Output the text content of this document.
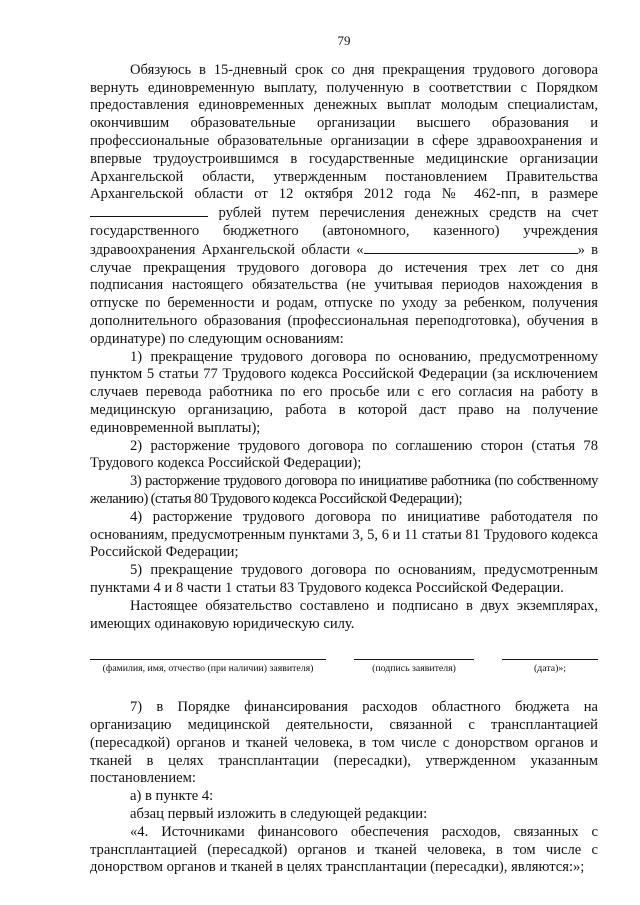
79

Обязуюсь в 15-дневный срок со дня прекращения трудового договора вернуть единовременную выплату, полученную в соответствии с Порядком предоставления единовременных денежных выплат молодым специалистам, окончившим образовательные организации высшего образования и профессиональные образовательные организации в сфере здравоохранения и впервые трудоустроившимся в государственные медицинские организации Архангельской области, утвержденным постановлением Правительства Архангельской области от 12 октября 2012 года № 462-пп, в размере  рублей путем перечисления денежных средств на счет государственного бюджетного (автономного, казенного) учреждения здравоохранения Архангельской области «	» в случае прекращения трудового договора до истечения трех лет со дня подписания настоящего обязательства (не учитывая периодов нахождения в отпуске по беременности и родам, отпуске по уходу за ребенком, получения дополнительного образования (профессиональная переподготовка), обучения в ординатуре) по следующим основаниям:

1) прекращение трудового договора по основанию, предусмотренному пунктом 5 статьи 77 Трудового кодекса Российской Федерации (за исключением случаев перевода работника по его просьбе или с его согласия на работу в медицинскую организацию, работа в которой даст право на получение единовременной выплаты);

2) расторжение трудового договора по соглашению сторон (статья 78 Трудового кодекса Российской Федерации);

3) расторжение трудового договора по инициативе работника (по собственному желанию) (статья 80 Трудового кодекса Российской Федерации);

4) расторжение трудового договора по инициативе работодателя по основаниям, предусмотренным пунктами 3, 5, 6 и 11 статьи 81 Трудового кодекса Российской Федерации;

5) прекращение трудового договора по основаниям, предусмотренным пунктами 4 и 8 части 1 статьи 83 Трудового кодекса Российской Федерации.

Настоящее обязательство составлено и подписано в двух экземплярах, имеющих одинаковую юридическую силу.

(фамилия, имя, отчество (при наличии) заявителя)	(подпись заявителя)	(дата)»;

7) в Порядке финансирования расходов областного бюджета на организацию медицинской деятельности, связанной с трансплантацией (пересадкой) органов и тканей человека, в том числе с донорством органов и тканей в целях трансплантации (пересадки), утвержденном указанным постановлением:

а) в пункте 4:

абзац первый изложить в следующей редакции:

«4. Источниками финансового обеспечения расходов, связанных с трансплантацией (пересадкой) органов и тканей человека, в том числе с донорством органов и тканей в целях трансплантации (пересадки), являются:»;
